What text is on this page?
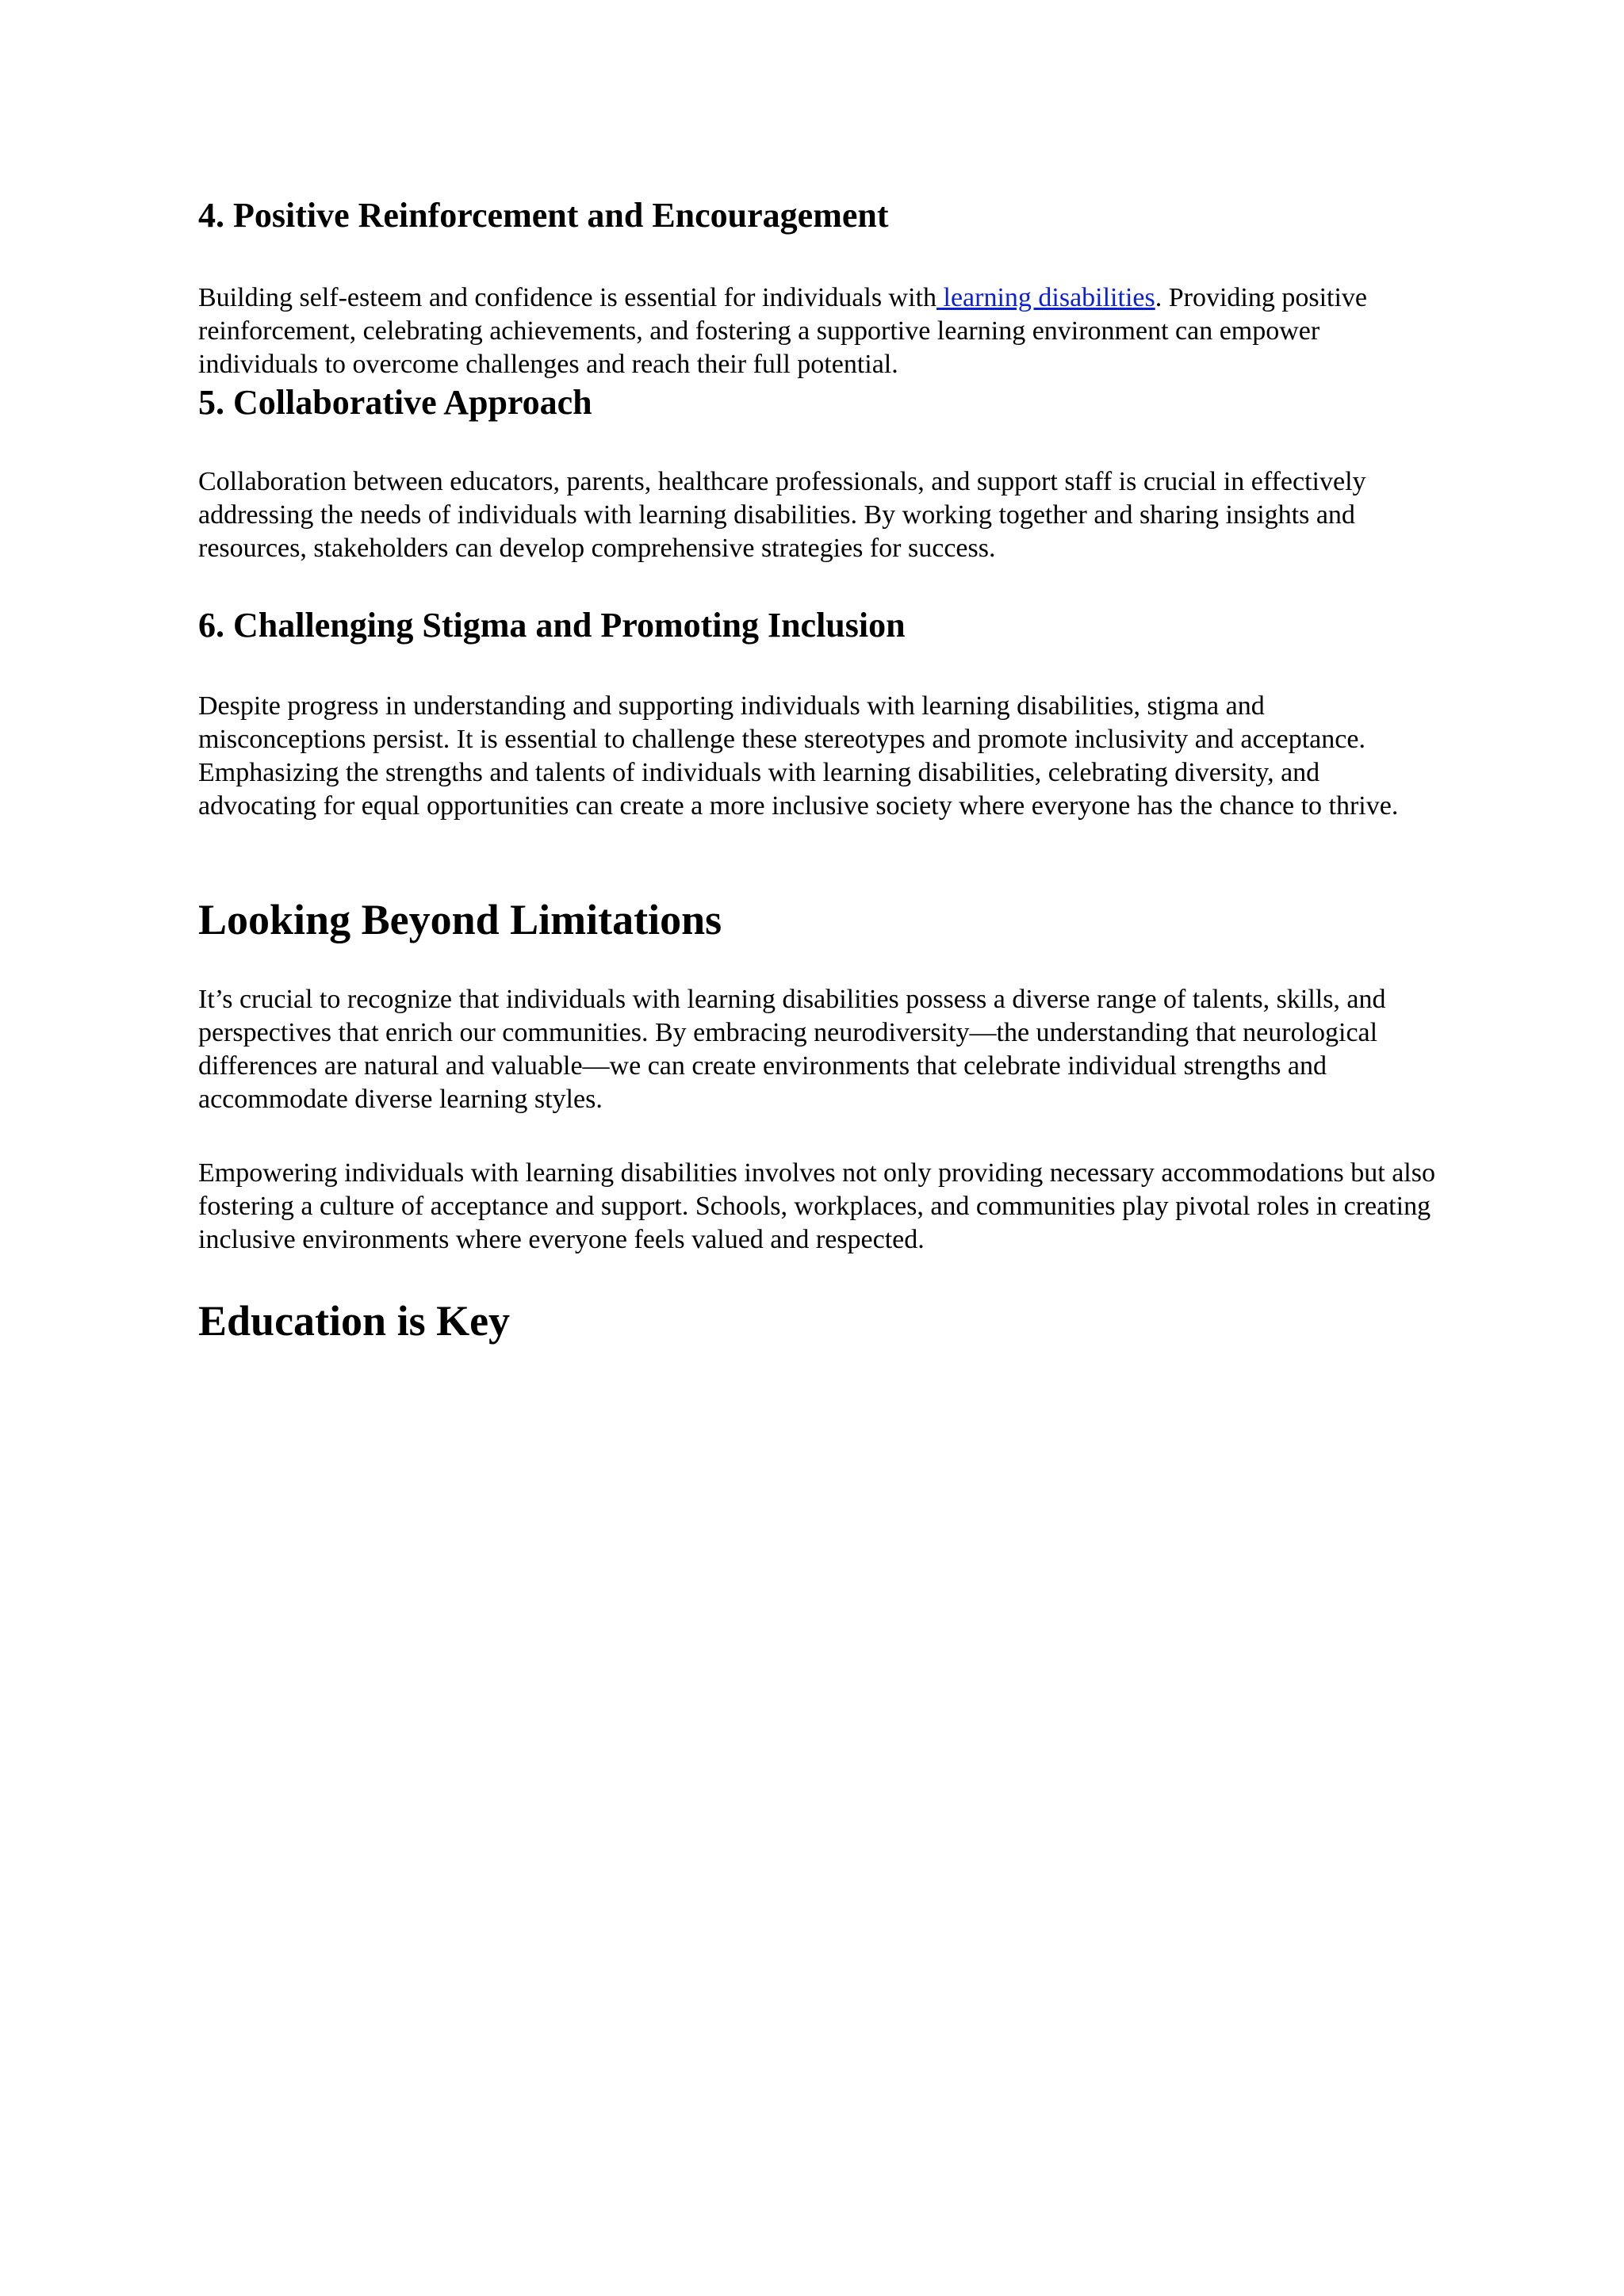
4. Positive Reinforcement and Encouragement

Building self-esteem and confidence is essential for individuals with learning disabilities. Providing positive reinforcement, celebrating achievements, and fostering a supportive learning environment can empower individuals to overcome challenges and reach their full potential.

5. Collaborative Approach

Collaboration between educators, parents, healthcare professionals, and support staff is crucial in effectively addressing the needs of individuals with learning disabilities. By working together and sharing insights and resources, stakeholders can develop comprehensive strategies for success.

6. Challenging Stigma and Promoting Inclusion

Despite progress in understanding and supporting individuals with learning disabilities, stigma and misconceptions persist. It is essential to challenge these stereotypes and promote inclusivity and acceptance. Emphasizing the strengths and talents of individuals with learning disabilities, celebrating diversity, and advocating for equal opportunities can create a more inclusive society where everyone has the chance to thrive.

Looking Beyond Limitations

It’s crucial to recognize that individuals with learning disabilities possess a diverse range of talents, skills, and perspectives that enrich our communities. By embracing neurodiversity—the understanding that neurological differences are natural and valuable—we can create environments that celebrate individual strengths and accommodate diverse learning styles.

Empowering individuals with learning disabilities involves not only providing necessary accommodations but also fostering a culture of acceptance and support. Schools, workplaces, and communities play pivotal roles in creating inclusive environments where everyone feels valued and respected.

Education is Key
